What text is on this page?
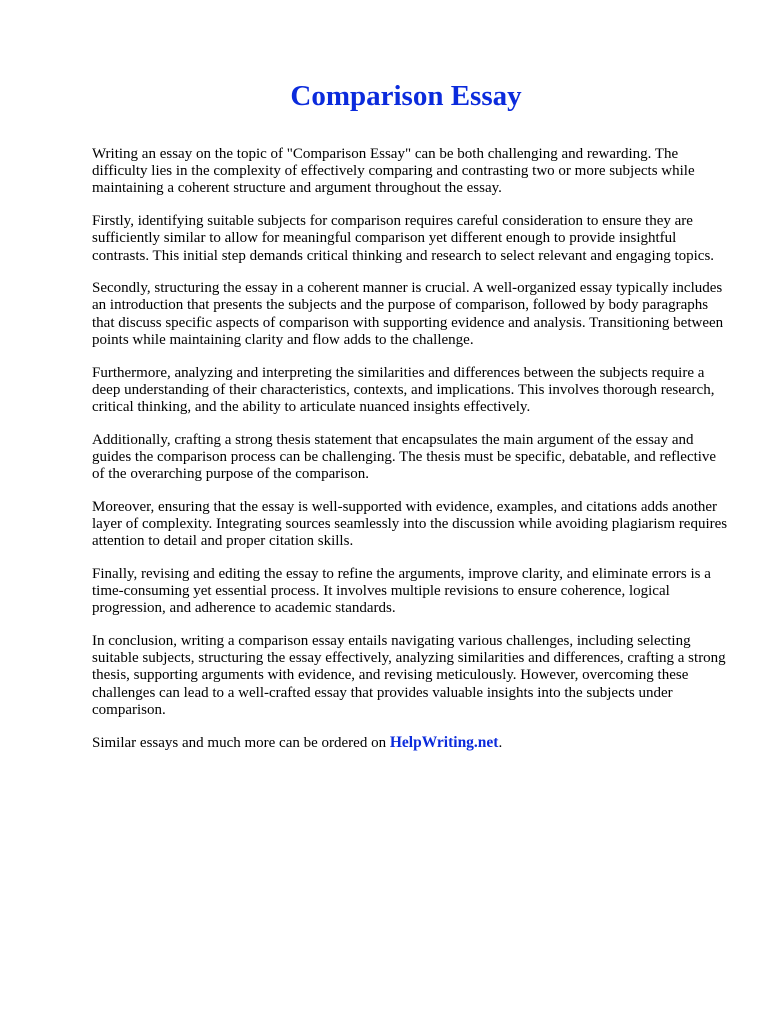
Comparison Essay

Writing an essay on the topic of "Comparison Essay" can be both challenging and rewarding. The difficulty lies in the complexity of effectively comparing and contrasting two or more subjects while maintaining a coherent structure and argument throughout the essay.

Firstly, identifying suitable subjects for comparison requires careful consideration to ensure they are sufficiently similar to allow for meaningful comparison yet different enough to provide insightful contrasts. This initial step demands critical thinking and research to select relevant and engaging topics.

Secondly, structuring the essay in a coherent manner is crucial. A well-organized essay typically includes an introduction that presents the subjects and the purpose of comparison, followed by body paragraphs that discuss specific aspects of comparison with supporting evidence and analysis. Transitioning between points while maintaining clarity and flow adds to the challenge.

Furthermore, analyzing and interpreting the similarities and differences between the subjects require a deep understanding of their characteristics, contexts, and implications. This involves thorough research, critical thinking, and the ability to articulate nuanced insights effectively.

Additionally, crafting a strong thesis statement that encapsulates the main argument of the essay and guides the comparison process can be challenging. The thesis must be specific, debatable, and reflective of the overarching purpose of the comparison.

Moreover, ensuring that the essay is well-supported with evidence, examples, and citations adds another layer of complexity. Integrating sources seamlessly into the discussion while avoiding plagiarism requires attention to detail and proper citation skills.

Finally, revising and editing the essay to refine the arguments, improve clarity, and eliminate errors is a time-consuming yet essential process. It involves multiple revisions to ensure coherence, logical progression, and adherence to academic standards.

In conclusion, writing a comparison essay entails navigating various challenges, including selecting suitable subjects, structuring the essay effectively, analyzing similarities and differences, crafting a strong thesis, supporting arguments with evidence, and revising meticulously. However, overcoming these challenges can lead to a well-crafted essay that provides valuable insights into the subjects under comparison.

Similar essays and much more can be ordered on HelpWriting.net.
